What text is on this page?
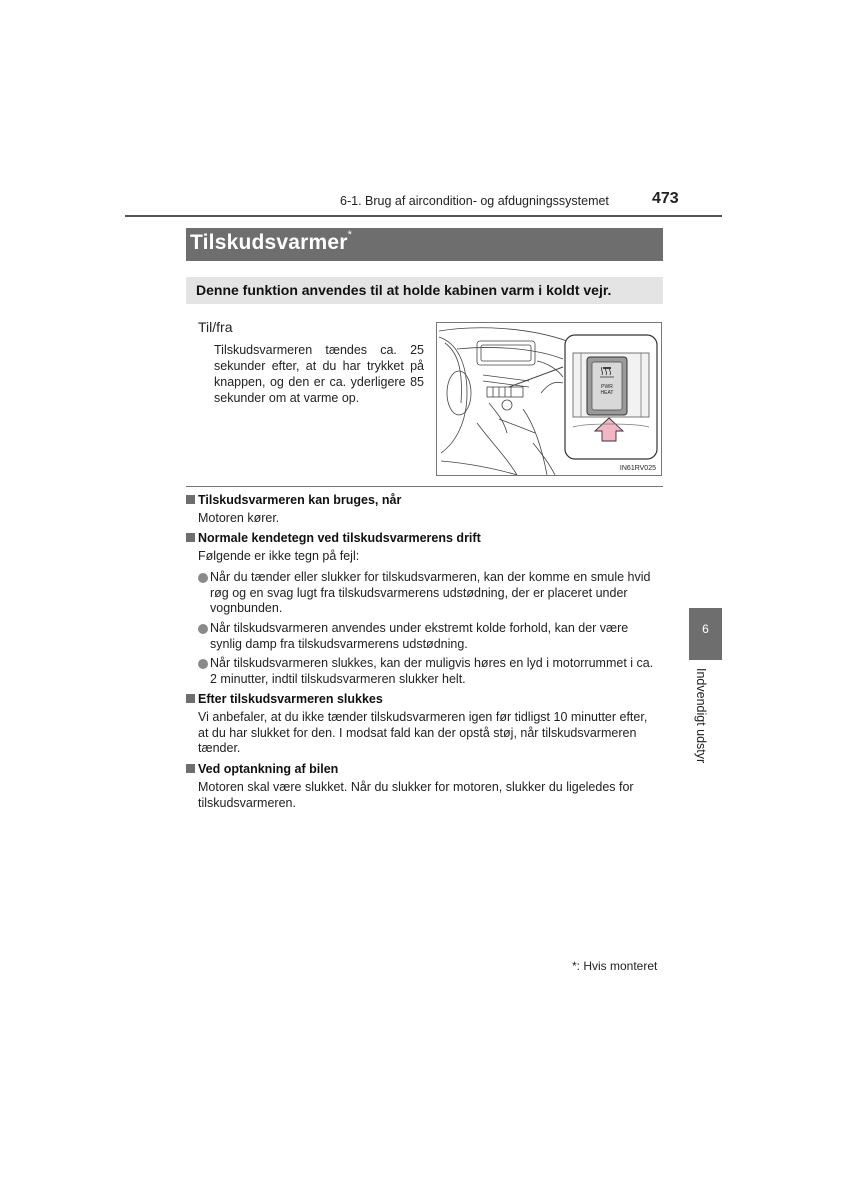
6-1. Brug af aircondition- og afdugningssystemet	473
Tilskudsvarmer*
Denne funktion anvendes til at holde kabinen varm i koldt vejr.
Til/fra
Tilskudsvarmeren tændes ca. 25 sekunder efter, at du har trykket på knappen, og den er ca. yderligere 85 sekunder om at varme op.
PWR
HEAT
IN61RV025
Tilskudsvarmeren kan bruges, når
Motoren kører.
Normale kendetegn ved tilskudsvarmerens drift
Følgende er ikke tegn på fejl:
Når du tænder eller slukker for tilskudsvarmeren, kan der komme en smule hvid røg og en svag lugt fra tilskudsvarmerens udstødning, der er placeret under vognbunden.
Når tilskudsvarmeren anvendes under ekstremt kolde forhold, kan der være synlig damp fra tilskudsvarmerens udstødning.
Når tilskudsvarmeren slukkes, kan der muligvis høres en lyd i motorrummet i ca. 2 minutter, indtil tilskudsvarmeren slukker helt.
Efter tilskudsvarmeren slukkes
Vi anbefaler, at du ikke tænder tilskudsvarmeren igen før tidligst 10 minutter efter, at du har slukket for den. I modsat fald kan der opstå støj, når tilskudsvarmeren tænder.
Ved optankning af bilen
Motoren skal være slukket. Når du slukker for motoren, slukker du ligeledes for tilskudsvarmeren.
6
Indvendigt udstyr
*: Hvis monteret
